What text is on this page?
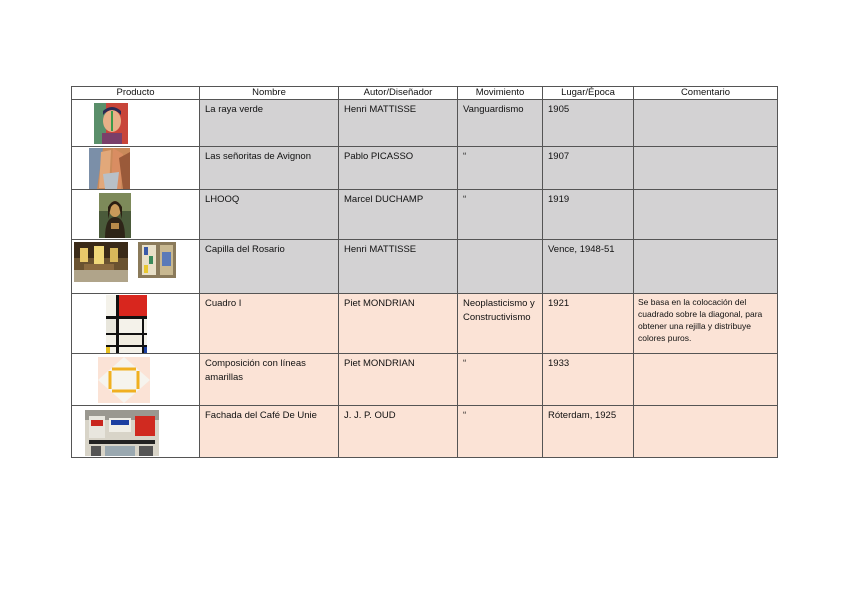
Producto	Nombre	Autor/Diseñador	Movimiento	Lugar/Época	Comentario

La raya verde	Henri MATTISSE	Vanguardismo	1905	

Las señoritas de Avignon	Pablo PICASSO	“	1907	

LHOOQ	Marcel DUCHAMP	“	1919	

Capilla del Rosario	Henri MATTISSE		Vence, 1948-51	

Cuadro I	Piet MONDRIAN	Neoplasticismo y Constructivismo	1921	Se basa en la colocación del cuadrado sobre la diagonal, para obtener una rejilla y distribuye colores puros.

Composición con líneas amarillas	Piet MONDRIAN	“	1933	

Fachada del Café De Unie	J. J. P. OUD	“	Róterdam, 1925	
